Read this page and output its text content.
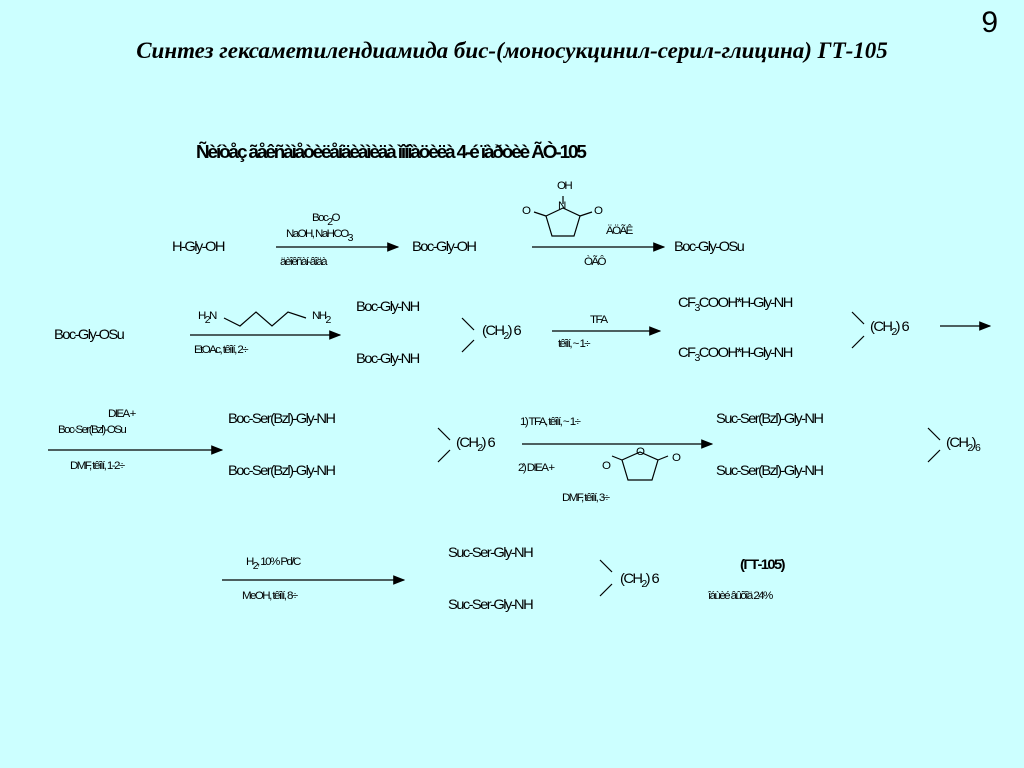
9
Синтез гексаметилендиамида бис-(моносукцинил-серил-глицина) ГТ-105
Ñèíòåç ãåêñàìåòèëåíäèàìèäà ìîíîàöèëà 4-é ïàðòèè ÃÒ-105
H-Gly-OH
Boc2O
NaOH, NaHCO3
äèîêñàí-âîäà
Boc-Gly-OH
OH
N
O	O
ÄÖÃÊ
ÒÃÔ
Boc-Gly-OSu
Boc-Gly-OSu
H2N	NH2
EtOAc, têîìí, 2÷
Boc-Gly-NH
Boc-Gly-NH
$(CH_2)$ 6
TFA
têîìí, ~ 1÷
$CF_3COOH*H-Gly-NH$
$CF_3COOH*H-Gly-NH$
$(CH_2)$ 6
DIEA +
Boc-Ser(Bzl)-OSu
DMF, têîìí, 1-2÷
Boc-Ser(Bzl)-Gly-NH
Boc-Ser(Bzl)-Gly-NH
$(CH_2)$ 6
1) TFA, têîìí, ~ 1÷
2) DIEA +	O
O	O
DMF, têîìí, 3÷
Suc-Ser(Bzl)-Gly-NH
Suc-Ser(Bzl)-Gly-NH
$(CH_2)_6$
H2, 10% Pd/C
MeOH, têîìí, 8÷
Suc-Ser-Gly-NH
Suc-Ser-Gly-NH
$(CH_2)$ 6
(ГТ-105)
îáùèé âûõîä 24%
